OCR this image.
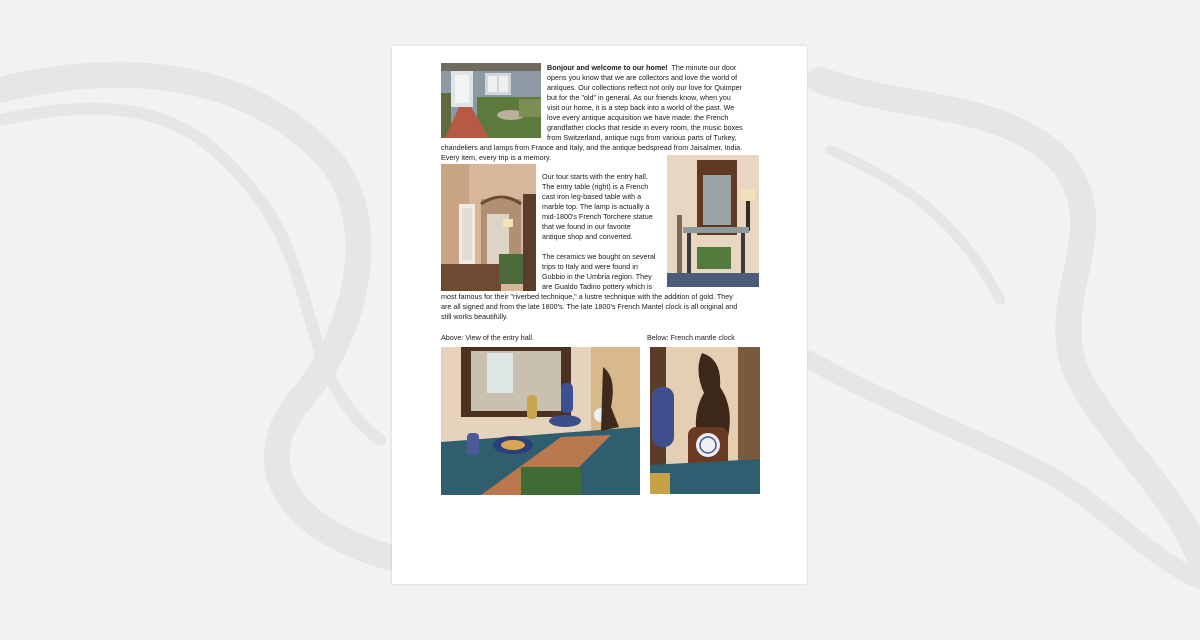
Bonjour and welcome to our home! The minute our door
opens you know that we are collectors and love the world of
antiques. Our collections reflect not only our love for Quimper
but for the "old" in general. As our friends know, when you
visit our home, it is a step back into a world of the past. We
love every antique acquisition we have made: the French
grandfather clocks that reside in every room, the music boxes
from Switzerland, antique rugs from various parts of Turkey,
chandeliers and lamps from France and Italy, and the antique bedspread from Jaisalmer, India.
Every item, every trip is a memory.
Our tour starts with the entry hall.
The entry table (right) is a French
cast iron leg-based table with a
marble top. The lamp is actually a
mid-1800's French Torchere statue
that we found in our favorite
antique shop and converted.
The ceramics we bought on several
trips to Italy and were found in
Gubbio in the Umbria region. They
are Gualdo Tadino pottery which is
most famous for their "riverbed technique," a lustre technique with the addition of gold. They
are all signed and from the late 1800's. The late 1800's French Mantel clock is all original and
still works beautifully.
Above: View of the entry hall.	Below: French mantle clock
